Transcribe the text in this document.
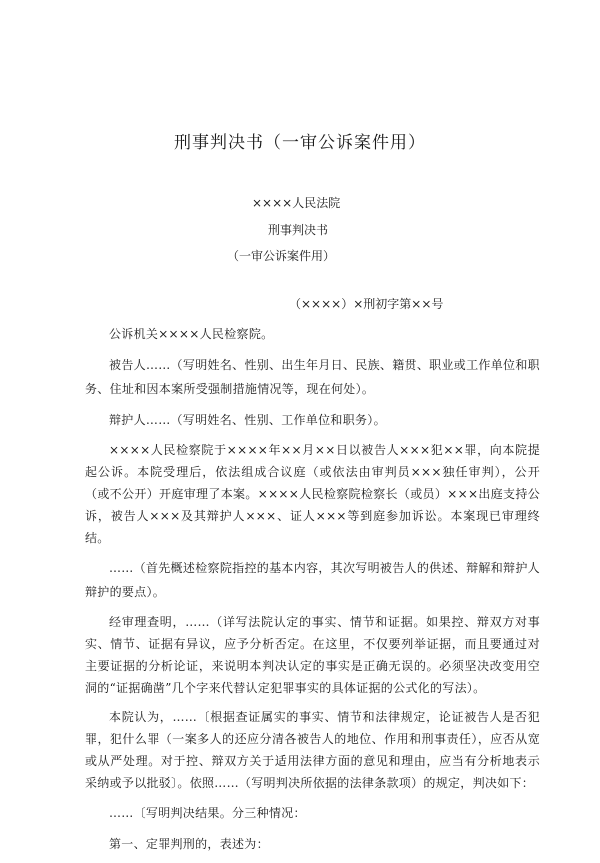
刑事判决书（一审公诉案件用）
××××人民法院
刑事判决书
（一审公诉案件用）
（××××）×刑初字第××号

公诉机关××××人民检察院。

被告人……（写明姓名、性别、出生年月日、民族、籍贯、职业或工作单位和职务、住址和因本案所受强制措施情况等，现在何处）。

辩护人……（写明姓名、性别、工作单位和职务）。

××××人民检察院于××××年××月××日以被告人×××犯××罪，向本院提起公诉。本院受理后，依法组成合议庭（或依法由审判员×××独任审判），公开（或不公开）开庭审理了本案。××××人民检察院检察长（或员）×××出庭支持公诉，被告人×××及其辩护人×××、证人×××等到庭参加诉讼。本案现已审理终结。

……（首先概述检察院指控的基本内容，其次写明被告人的供述、辩解和辩护人辩护的要点）。

经审理查明，……（详写法院认定的事实、情节和证据。如果控、辩双方对事实、情节、证据有异议，应予分析否定。在这里，不仅要列举证据，而且要通过对主要证据的分析论证，来说明本判决认定的事实是正确无误的。必须坚决改变用空洞的“证据确凿”几个字来代替认定犯罪事实的具体证据的公式化的写法）。

本院认为，……〔根据查证属实的事实、情节和法律规定，论证被告人是否犯罪，犯什么罪（一案多人的还应分清各被告人的地位、作用和刑事责任），应否从宽或从严处理。对于控、辩双方关于适用法律方面的意见和理由，应当有分析地表示采纳或予以批驳〕。依照……（写明判决所依据的法律条款项）的规定，判决如下：

……〔写明判决结果。分三种情况：

第一、定罪判刑的，表述为：
